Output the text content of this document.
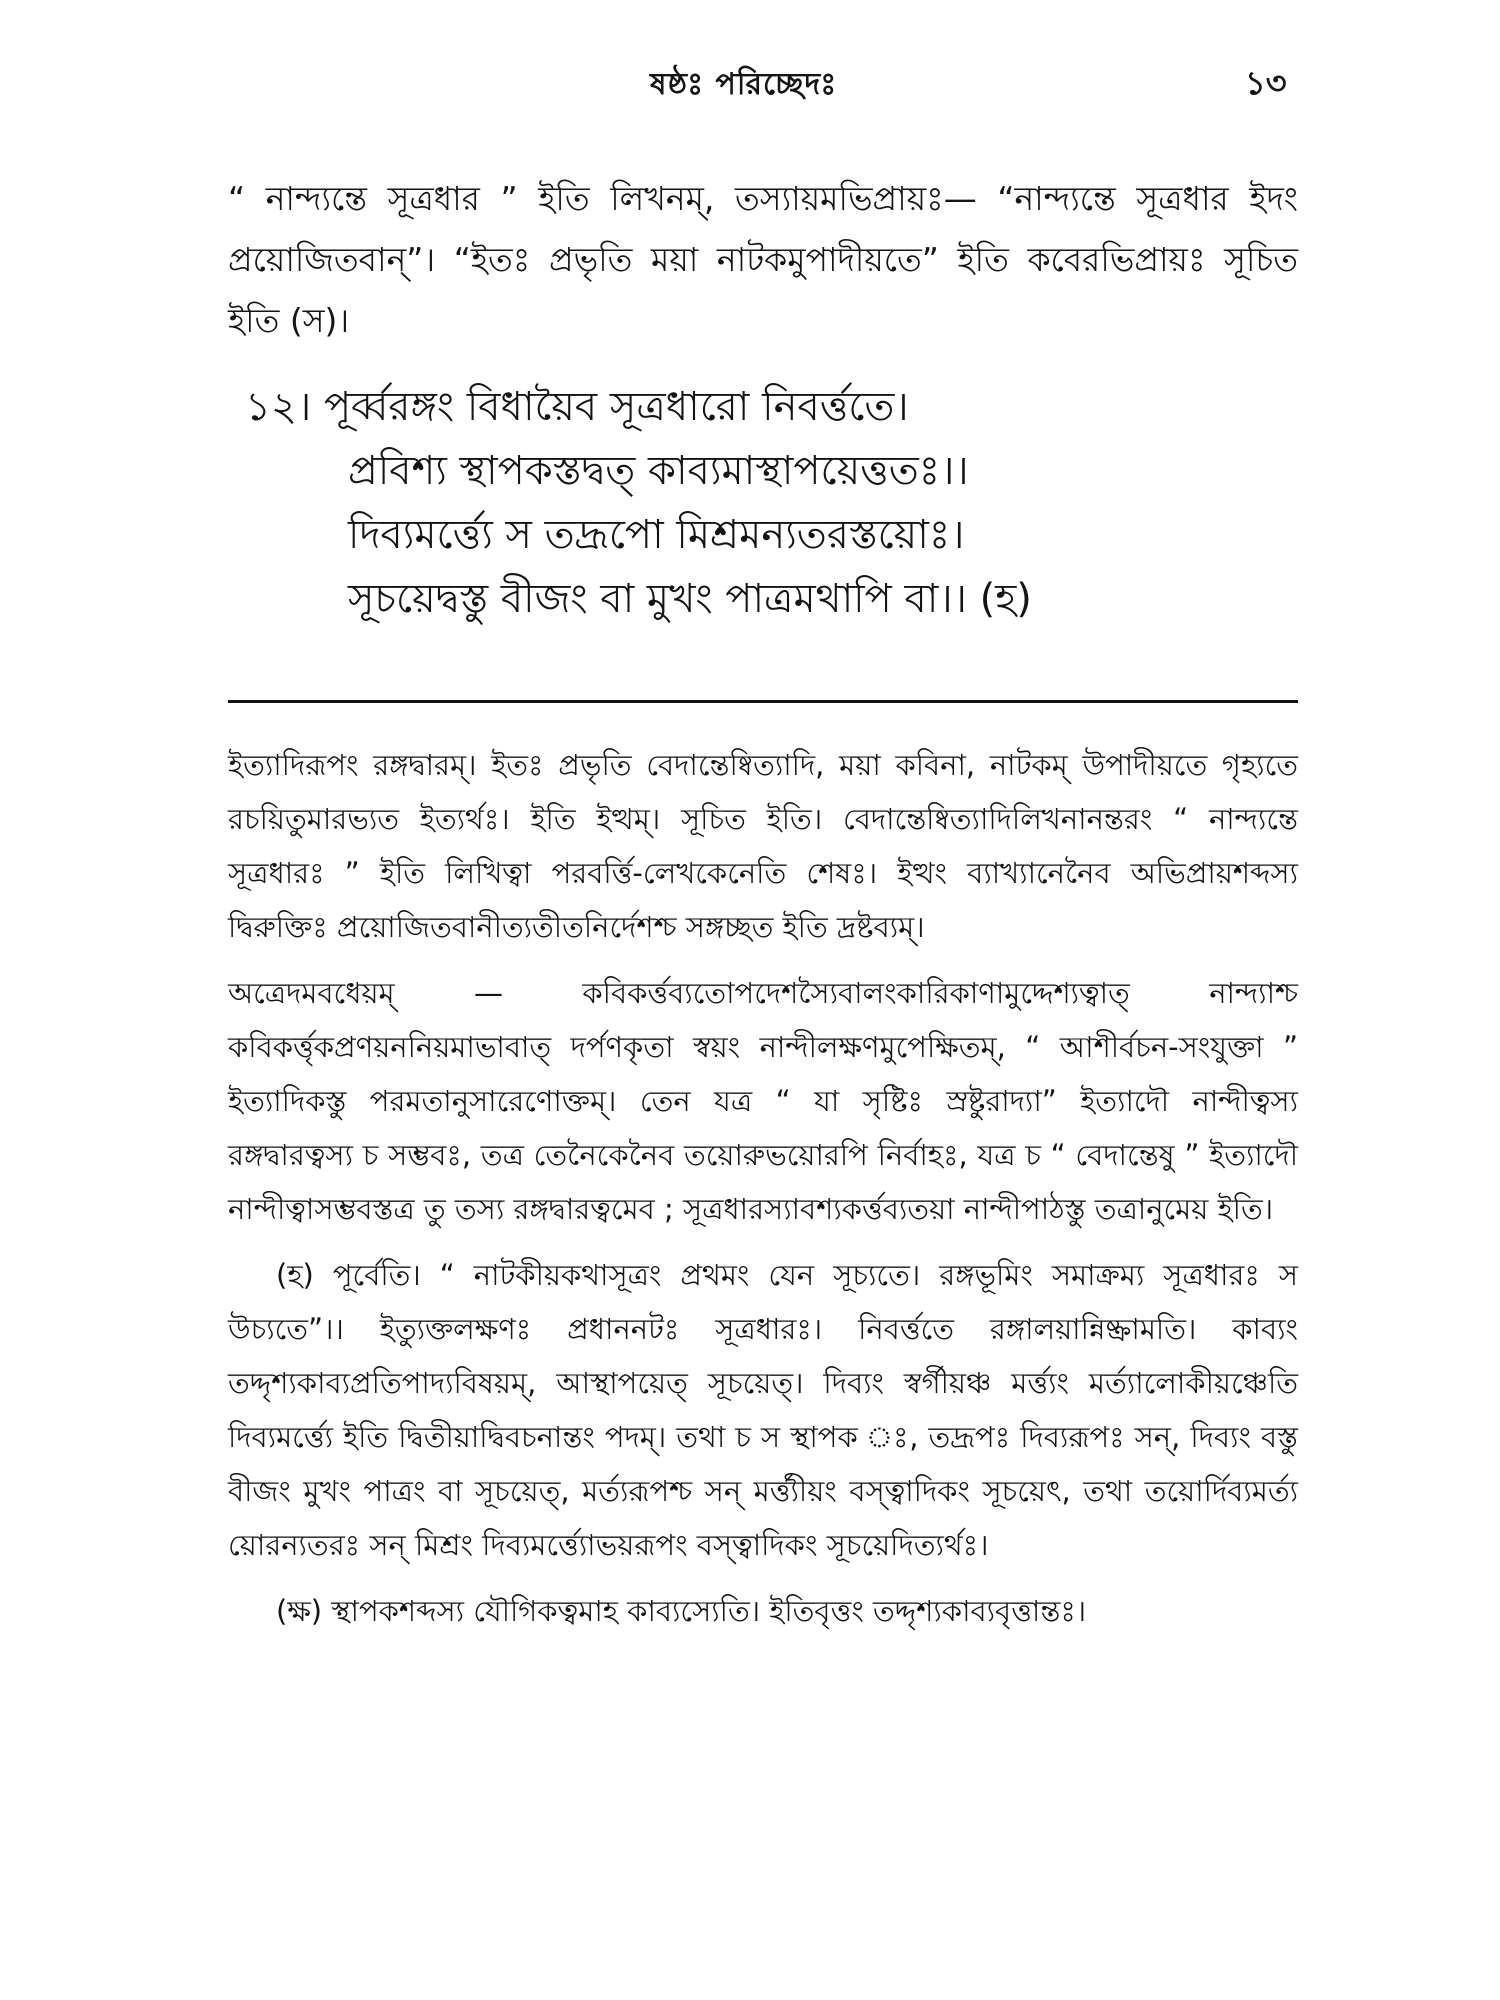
ষষ্ঠঃ পরিচ্ছেদঃ	১৩

“ নান্দ্যন্তে সূত্রধার ” ইতি লিখনম্, তস্যায়মভিপ্রায়ঃ— “নান্দ্যন্তে সূত্রধার ইদং প্রয়োজিতবান্”। “ইতঃ প্রভৃতি ময়া নাটকমুপাদীয়তে” ইতি কবেরভিপ্রায়ঃ সূচিত ইতি (স)।

১২। পূর্ব্বরঙ্গং বিধায়ৈব সূত্রধারো নিবর্ত্ততে।
প্রবিশ্য স্থাপকস্তদ্বত্ কাব্যমাস্থাপয়েত্ততঃ।।
দিব্যমর্ত্ত্যে স তদ্রূপো মিশ্রমন্যতরস্তয়োঃ।
সূচয়েদ্বস্তু বীজং বা মুখং পাত্রমথাপি বা।। (হ)

ইত্যাদিরূপং রঙ্গদ্বারম্। ইতঃ প্রভৃতি বেদান্তেষ্বিত্যাদি, ময়া কবিনা, নাটকম্ উপাদীয়তে গৃহ্যতে রচয়িতুমারভ্যত ইত্যর্থঃ। ইতি ইত্থম্। সূচিত ইতি। বেদান্তেষ্বিত্যাদিলিখনানন্তরং “ নান্দ্যন্তে সূত্রধারঃ ” ইতি লিখিত্বা পরবর্ত্তি-লেখকেনেতি শেষঃ। ইত্থং ব্যাখ্যানেনৈব অভিপ্রায়শব্দস্য দ্বিরুক্তিঃ প্রয়োজিতবানীত্যতীতনির্দেশশ্চ সঙ্গচ্ছত ইতি দ্রষ্টব্যম্।

অত্রেদমবধেয়ম্ — কবিকর্ত্তব্যতোপদেশস্যৈবালংকারিকাণামুদ্দেশ্যত্বাত্ নান্দ্যাশ্চ কবিকর্ত্তৃকপ্রণয়ননিয়মাভাবাত্ দর্পণকৃতা স্বয়ং নান্দীলক্ষণমুপেক্ষিতম্, “ আশীর্বচন-সংযুক্তা ” ইত্যাদিকস্তু পরমতানুসারেণোক্তম্। তেন যত্র “ যা সৃষ্টিঃ স্রষ্টুরাদ্যা” ইত্যাদৌ নান্দীত্বস্য রঙ্গদ্বারত্বস্য চ সম্ভবঃ, তত্র তেনৈকেনৈব তয়োরুভয়োরপি নির্বাহঃ, যত্র চ “ বেদান্তেষু ” ইত্যাদৌ নান্দীত্বাসম্ভবস্তত্র তু তস্য রঙ্গদ্বারত্বমেব ; সূত্রধারস্যাবশ্যকর্ত্তব্যতয়া নান্দীপাঠস্তু তত্রানুমেয় ইতি।

(হ) পূর্বেতি। “ নাটকীয়কথাসূত্রং প্রথমং যেন সূচ্যতে। রঙ্গভূমিং সমাক্রম্য সূত্রধারঃ স উচ্যতে”।। ইত্যুক্তলক্ষণঃ প্রধাননটঃ সূত্রধারঃ। নিবর্ত্ততে রঙ্গালয়ান্নিষ্ক্রামতি। কাব্যং তদ্দৃশ্যকাব্যপ্রতিপাদ্যবিষয়ম্, আস্থাপয়েত্ সূচয়েত্। দিব্যং স্বর্গীয়ঞ্চ মর্ত্ত্যং মর্ত্যালোকীয়ঞ্চেতি দিব্যমর্ত্ত্যে ইতি দ্বিতীয়াদ্বিবচনান্তং পদম্। তথা চ স স্থাপক ঃ, তদ্রূপঃ দিব্যরূপঃ সন্, দিব্যং বস্তু বীজং মুখং পাত্রং বা সূচয়েত্, মর্ত্যরূপশ্চ সন্ মর্ত্ত্যীয়ং বস্ত্বাদিকং সূচয়েৎ, তথা তয়োর্দিব্যমর্ত্য য়োরন্যতরঃ সন্ মিশ্রং দিব্যমর্ত্ত্যোভয়রূপং বস্ত্বাদিকং সূচয়েদিত্যর্থঃ।

(ক্ষ) স্থাপকশব্দস্য যৌগিকত্বমাহ কাব্যস্যেতি। ইতিবৃত্তং তদ্দৃশ্যকাব্যবৃত্তান্তঃ।
